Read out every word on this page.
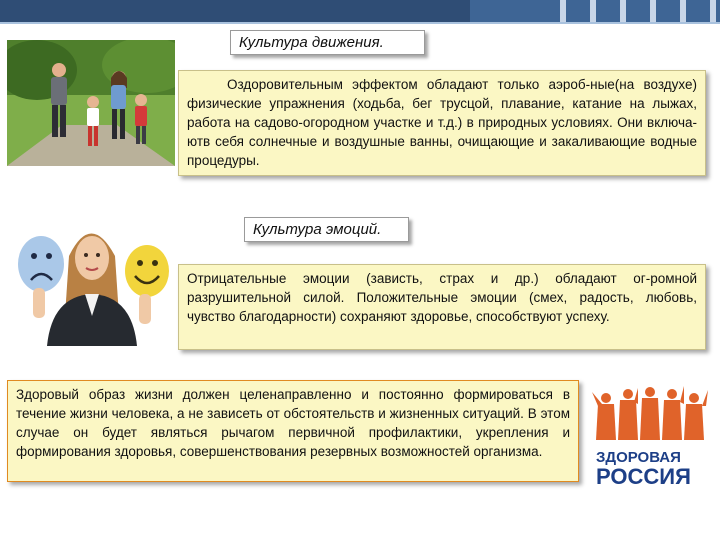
Культура движения.
Оздоровительным эффектом обладают только аэроб-ные(на воздухе) физические упражнения (ходьба, бег трусцой, плавание, катание на лыжах, работа на садово-огородном участке и т.д.) в природных условиях. Они включа-ютв себя солнечные и воздушные ванны, очищающие и закаливающие водные процедуры.
Культура эмоций.
Отрицательные эмоции (зависть, страх и др.) обладают ог-ромной разрушительной силой. Положительные эмоции (смех, радость, любовь, чувство благодарности) сохраняют здоровье, способствуют успеху.
Здоровый образ жизни должен целенаправленно и постоянно формироваться в течение жизни человека, а не зависеть от обстоятельств и жизненных ситуаций. В этом случае он будет являться рычагом первичной профилактики, укрепления и формирования здоровья, совершенствования резервных возможностей организма.	ЗДОРОВАЯ
РОССИЯ
